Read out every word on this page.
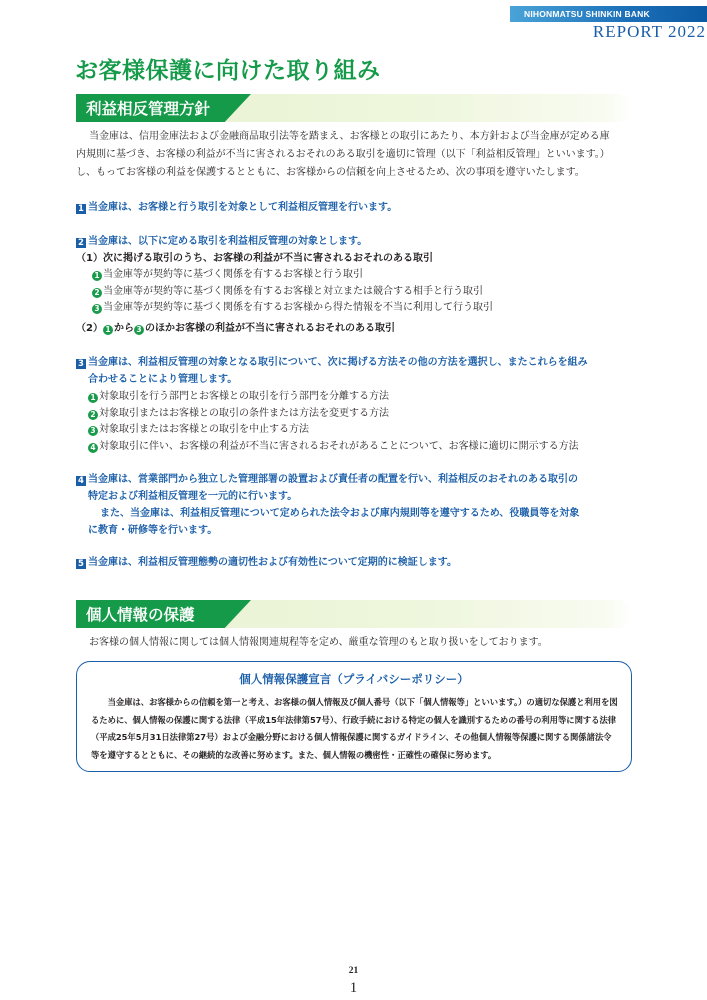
NIHONMATSU SHINKIN BANK
REPORT 2022
お客様保護に向けた取り組み
利益相反管理方針
当金庫は、信用金庫法および金融商品取引法等を踏まえ、お客様との取引にあたり、本方針および当金庫が定める庫
内規則に基づき、お客様の利益が不当に害されるおそれのある取引を適切に管理（以下「利益相反管理」といいます。）
し、もってお客様の利益を保護するとともに、お客様からの信頼を向上させるため、次の事項を遵守いたします。
1 当金庫は、お客様と行う取引を対象として利益相反管理を行います。
2 当金庫は、以下に定める取引を利益相反管理の対象とします。
（1）次に掲げる取引のうち、お客様の利益が不当に害されるおそれのある取引
1 当金庫等が契約等に基づく関係を有するお客様と行う取引
2 当金庫等が契約等に基づく関係を有するお客様と対立または競合する相手と行う取引
3 当金庫等が契約等に基づく関係を有するお客様から得た情報を不当に利用して行う取引
（2） 1 から 3 のほかお客様の利益が不当に害されるおそれのある取引
3 当金庫は、利益相反管理の対象となる取引について、次に掲げる方法その他の方法を選択し、またこれらを組み
合わせることにより管理します。
1 対象取引を行う部門とお客様との取引を行う部門を分離する方法
2 対象取引またはお客様との取引の条件または方法を変更する方法
3 対象取引またはお客様との取引を中止する方法
4 対象取引に伴い、お客様の利益が不当に害されるおそれがあることについて、お客様に適切に開示する方法
4 当金庫は、営業部門から独立した管理部署の設置および責任者の配置を行い、利益相反のおそれのある取引の
特定および利益相反管理を一元的に行います。
また、当金庫は、利益相反管理について定められた法令および庫内規則等を遵守するため、役職員等を対象
に教育・研修等を行います。
5 当金庫は、利益相反管理態勢の適切性および有効性について定期的に検証します。
個人情報の保護
お客様の個人情報に関しては個人情報関連規程等を定め、厳重な管理のもと取り扱いをしております。
個人情報保護宣言（プライバシーポリシー）
当金庫は、お客様からの信頼を第一と考え、お客様の個人情報及び個人番号（以下「個人情報等」といいます。）の適切な保護と利用を図るために、個人情報の保護に関する法律（平成15年法律第57号）、行政手続における特定の個人を識別するための番号の利用等に関する法律（平成25年5月31日法律第27号）および金融分野における個人情報保護に関するガイドライン、その他個人情報等保護に関する関係諸法令等を遵守するとともに、その継続的な改善に努めます。また、個人情報の機密性・正確性の確保に努めます。
21
1
